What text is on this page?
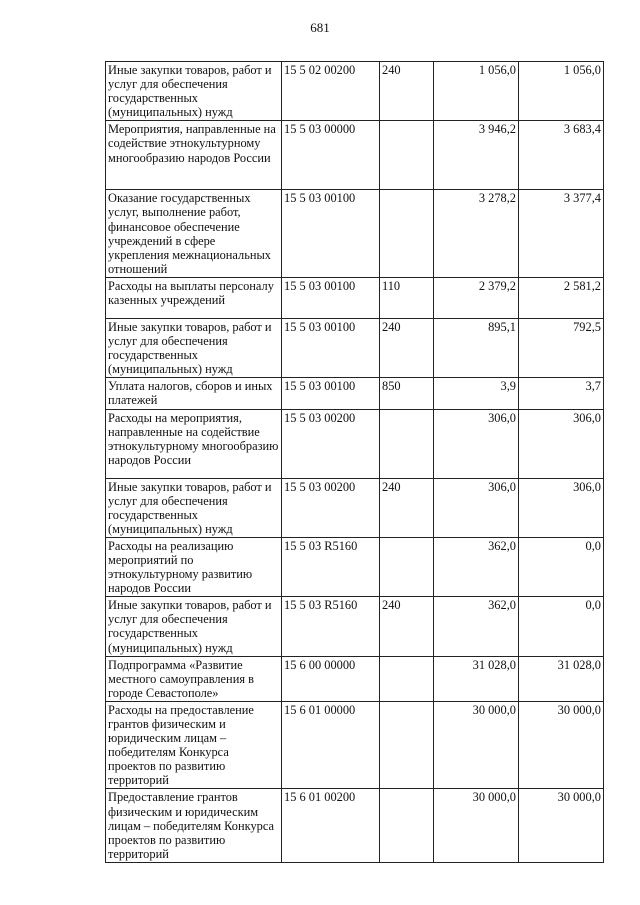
681
Иные закупки товаров, работ и услуг для обеспечения государственных (муниципальных) нужд	15 5 02 00200	240	1 056,0	1 056,0
Мероприятия, направленные на содействие этнокультурному многообразию народов России	15 5 03 00000		3 946,2	3 683,4
Оказание государственных услуг, выполнение работ, финансовое обеспечение учреждений в сфере укрепления межнациональных отношений	15 5 03 00100		3 278,2	3 377,4
Расходы на выплаты персоналу казенных учреждений	15 5 03 00100	110	2 379,2	2 581,2
Иные закупки товаров, работ и услуг для обеспечения государственных (муниципальных) нужд	15 5 03 00100	240	895,1	792,5
Уплата налогов, сборов и иных платежей	15 5 03 00100	850	3,9	3,7
Расходы на мероприятия, направленные на содействие этнокультурному многообразию народов России	15 5 03 00200		306,0	306,0
Иные закупки товаров, работ и услуг для обеспечения государственных (муниципальных) нужд	15 5 03 00200	240	306,0	306,0
Расходы на реализацию мероприятий по этнокультурному развитию народов России	15 5 03 R5160		362,0	0,0
Иные закупки товаров, работ и услуг для обеспечения государственных (муниципальных) нужд	15 5 03 R5160	240	362,0	0,0
Подпрограмма «Развитие местного самоуправления в городе Севастополе»	15 6 00 00000		31 028,0	31 028,0
Расходы на предоставление грантов физическим и юридическим лицам – победителям Конкурса проектов по развитию территорий	15 6 01 00000		30 000,0	30 000,0
Предоставление грантов физическим и юридическим лицам – победителям Конкурса проектов по развитию территорий	15 6 01 00200		30 000,0	30 000,0
